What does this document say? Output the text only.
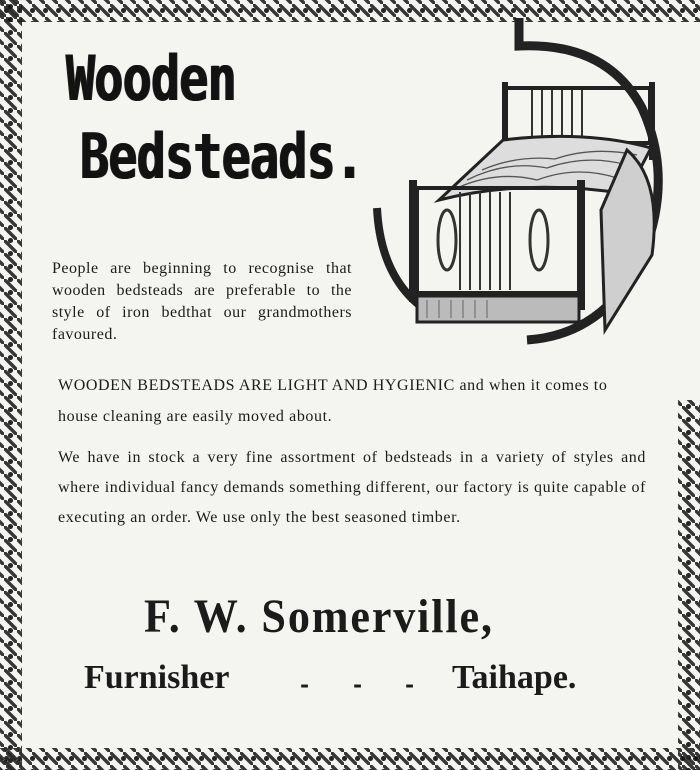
Wooden
Bedsteads.
People are beginning to recognise that wooden bedsteads are preferable to the style of iron bedthat our grandmothers favoured.
WOODEN BEDSTEADS ARE LIGHT AND HYGIENIC and when it comes to house cleaning are easily moved about.
We have in stock a very fine assortment of bedsteads in a variety of styles and where individual fancy demands something different, our factory is quite capable of executing an order. We use only the best seasoned timber.
F. W. Somerville,
Furnisher	- - - Taihape.
